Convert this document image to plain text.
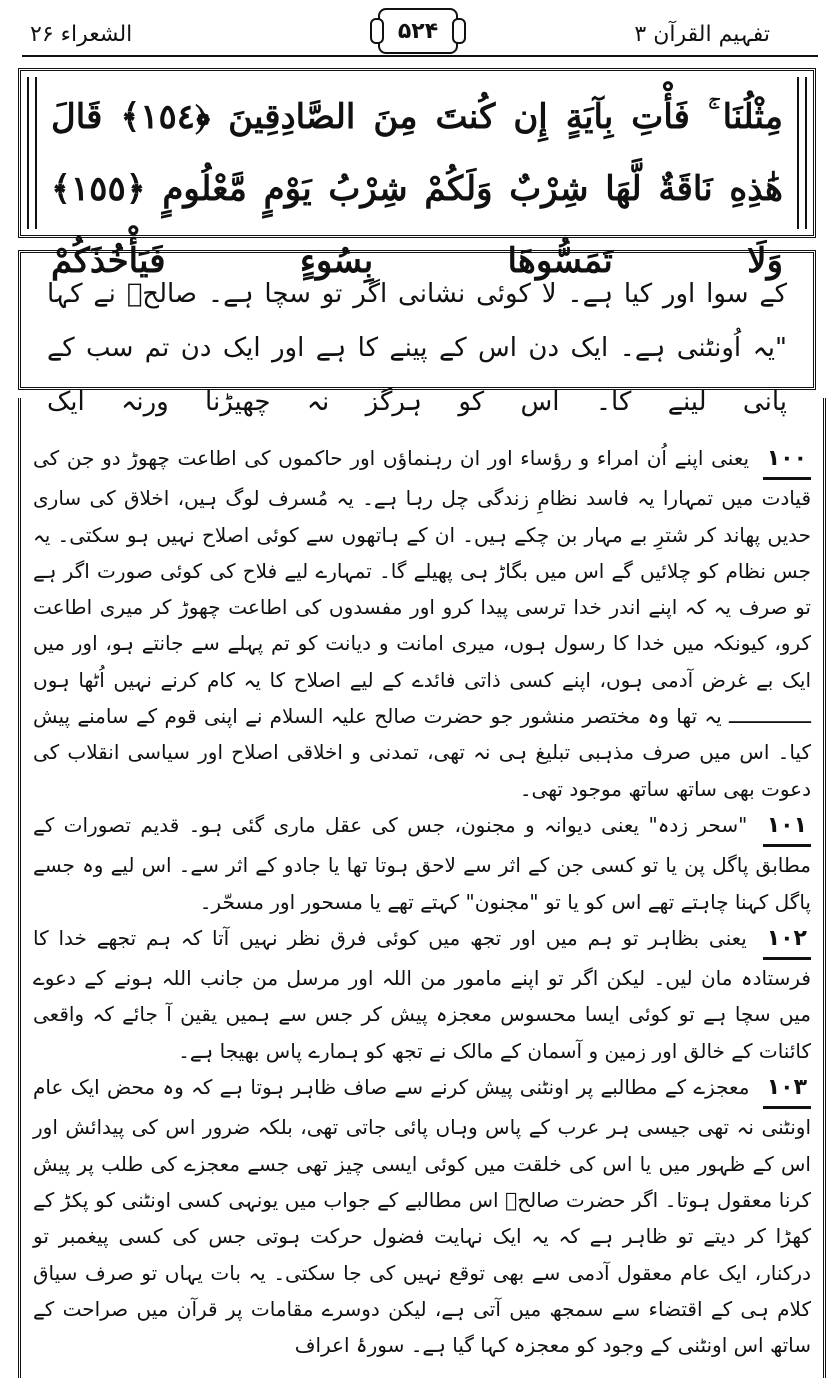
تفہیم القرآن ۳
۵۲۴
الشعراء ۲۶
مِثْلُنَا ۚ فَأْتِ بِآيَةٍ إِن كُنتَ مِنَ الصَّادِقِينَ ﴿١٥٤﴾ قَالَ هَٰذِهِ نَاقَةٌ لَّهَا شِرْبٌ وَلَكُمْ شِرْبُ يَوْمٍ مَّعْلُومٍ ﴿١٥٥﴾ وَلَا تَمَسُّوهَا بِسُوءٍ فَيَأْخُذَكُمْ
کے سوا اور کیا ہے۔ لا کوئی نشانی اگر تو سچا ہے۔ صالحؑ نے کہا "یہ اُونٹنی ہے۔ ایک دن اس کے پینے کا ہے اور ایک دن تم سب کے پانی لینے کا۔ اس کو ہرگز نہ چھیڑنا ورنہ ایک

۱۰۰ یعنی اپنے اُن امراء و رؤساء اور ان رہنماؤں اور حاکموں کی اطاعت چھوڑ دو جن کی قیادت میں تمہارا یہ فاسد نظامِ زندگی چل رہا ہے۔ یہ مُسرف لوگ ہیں، اخلاق کی ساری حدیں پھاند کر شترِ بے مہار بن چکے ہیں۔ ان کے ہاتھوں سے کوئی اصلاح نہیں ہو سکتی۔ یہ جس نظام کو چلائیں گے اس میں بگاڑ ہی پھیلے گا۔ تمہارے لیے فلاح کی کوئی صورت اگر ہے تو صرف یہ کہ اپنے اندر خدا ترسی پیدا کرو اور مفسدوں کی اطاعت چھوڑ کر میری اطاعت کرو، کیونکہ میں خدا کا رسول ہوں، میری امانت و دیانت کو تم پہلے سے جانتے ہو، اور میں ایک بے غرض آدمی ہوں، اپنے کسی ذاتی فائدے کے لیے اصلاح کا یہ کام کرنے نہیں اُٹھا ہوں ــــــــــــــ یہ تھا وہ مختصر منشور جو حضرت صالح علیہ السلام نے اپنی قوم کے سامنے پیش کیا۔ اس میں صرف مذہبی تبلیغ ہی نہ تھی، تمدنی و اخلاقی اصلاح اور سیاسی انقلاب کی دعوت بھی ساتھ ساتھ موجود تھی۔

۱۰۱ "سحر زدہ" یعنی دیوانہ و مجنون، جس کی عقل ماری گئی ہو۔ قدیم تصورات کے مطابق پاگل پن یا تو کسی جن کے اثر سے لاحق ہوتا تھا یا جادو کے اثر سے۔ اس لیے وہ جسے پاگل کہنا چاہتے تھے اس کو یا تو "مجنون" کہتے تھے یا مسحور اور مسحّر۔

۱۰۲ یعنی بظاہر تو ہم میں اور تجھ میں کوئی فرق نظر نہیں آتا کہ ہم تجھے خدا کا فرستادہ مان لیں۔ لیکن اگر تو اپنے مامور من اللہ اور مرسل من جانب اللہ ہونے کے دعوے میں سچا ہے تو کوئی ایسا محسوس معجزہ پیش کر جس سے ہمیں یقین آ جائے کہ واقعی کائنات کے خالق اور زمین و آسمان کے مالک نے تجھ کو ہمارے پاس بھیجا ہے۔

۱۰۳ معجزے کے مطالبے پر اونٹنی پیش کرنے سے صاف ظاہر ہوتا ہے کہ وہ محض ایک عام اونٹنی نہ تھی جیسی ہر عرب کے پاس وہاں پائی جاتی تھی، بلکہ ضرور اس کی پیدائش اور اس کے ظہور میں یا اس کی خلقت میں کوئی ایسی چیز تھی جسے معجزے کی طلب پر پیش کرنا معقول ہوتا۔ اگر حضرت صالحؑ اس مطالبے کے جواب میں یونہی کسی اونٹنی کو پکڑ کے کھڑا کر دیتے تو ظاہر ہے کہ یہ ایک نہایت فضول حرکت ہوتی جس کی کسی پیغمبر تو درکنار، ایک عام معقول آدمی سے بھی توقع نہیں کی جا سکتی۔ یہ بات یہاں تو صرف سیاق کلام ہی کے اقتضاء سے سمجھ میں آتی ہے، لیکن دوسرے مقامات پر قرآن میں صراحت کے ساتھ اس اونٹنی کے وجود کو معجزہ کہا گیا ہے۔ سورۂ اعراف
